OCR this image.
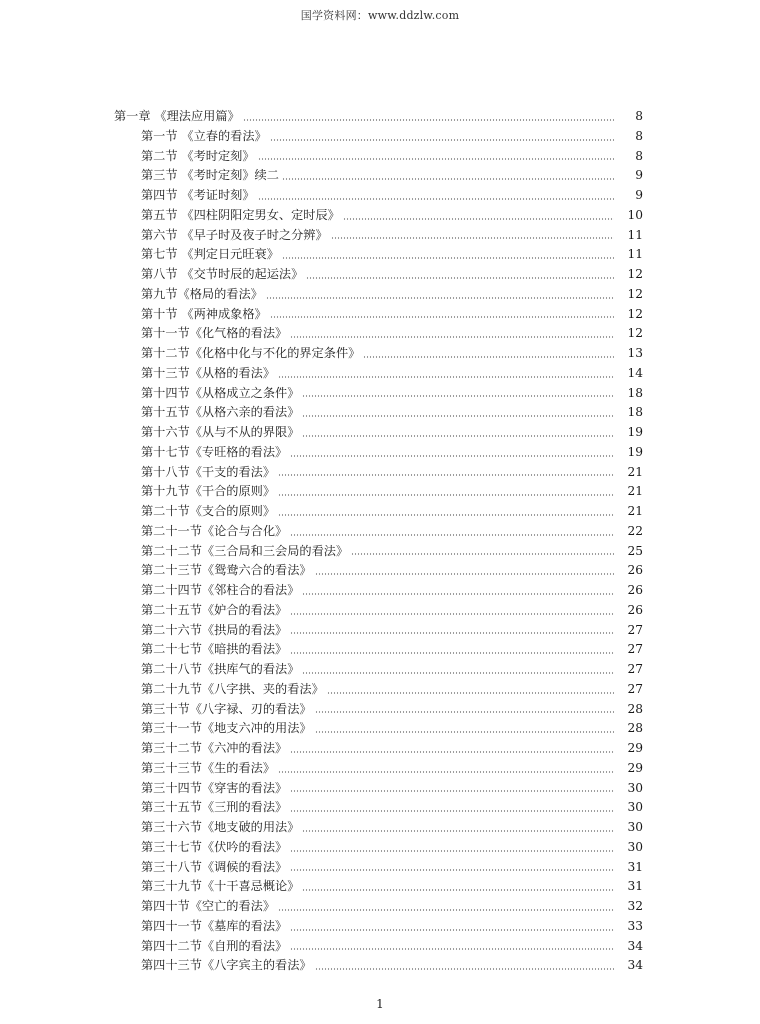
国学资料网：www.ddzlw.com
第一章 《理法应用篇》	8
第一节 《立春的看法》	8
第二节 《考时定刻》	8
第三节 《考时定刻》续二	9
第四节 《考证时刻》	9
第五节 《四柱阴阳定男女、定时辰》	10
第六节 《早子时及夜子时之分辨》	11
第七节 《判定日元旺衰》	11
第八节 《交节时辰的起运法》	12
第九节《格局的看法》	12
第十节 《两神成象格》	12
第十一节《化气格的看法》	12
第十二节《化格中化与不化的界定条件》	13
第十三节《从格的看法》	14
第十四节《从格成立之条件》	18
第十五节《从格六亲的看法》	18
第十六节《从与不从的界限》	19
第十七节《专旺格的看法》	19
第十八节《干支的看法》	21
第十九节《干合的原则》	21
第二十节《支合的原则》	21
第二十一节《论合与合化》	22
第二十二节《三合局和三会局的看法》	25
第二十三节《鸳鸯六合的看法》	26
第二十四节《邻柱合的看法》	26
第二十五节《妒合的看法》	26
第二十六节《拱局的看法》	27
第二十七节《暗拱的看法》	27
第二十八节《拱库气的看法》	27
第二十九节《八字拱、夹的看法》	27
第三十节《八字禄、刃的看法》	28
第三十一节《地支六冲的用法》	28
第三十二节《六冲的看法》	29
第三十三节《生的看法》	29
第三十四节《穿害的看法》	30
第三十五节《三刑的看法》	30
第三十六节《地支破的用法》	30
第三十七节《伏吟的看法》	30
第三十八节《调候的看法》	31
第三十九节《十干喜忌概论》	31
第四十节《空亡的看法》	32
第四十一节《墓库的看法》	33
第四十二节《自刑的看法》	34
第四十三节《八字宾主的看法》	34
1
